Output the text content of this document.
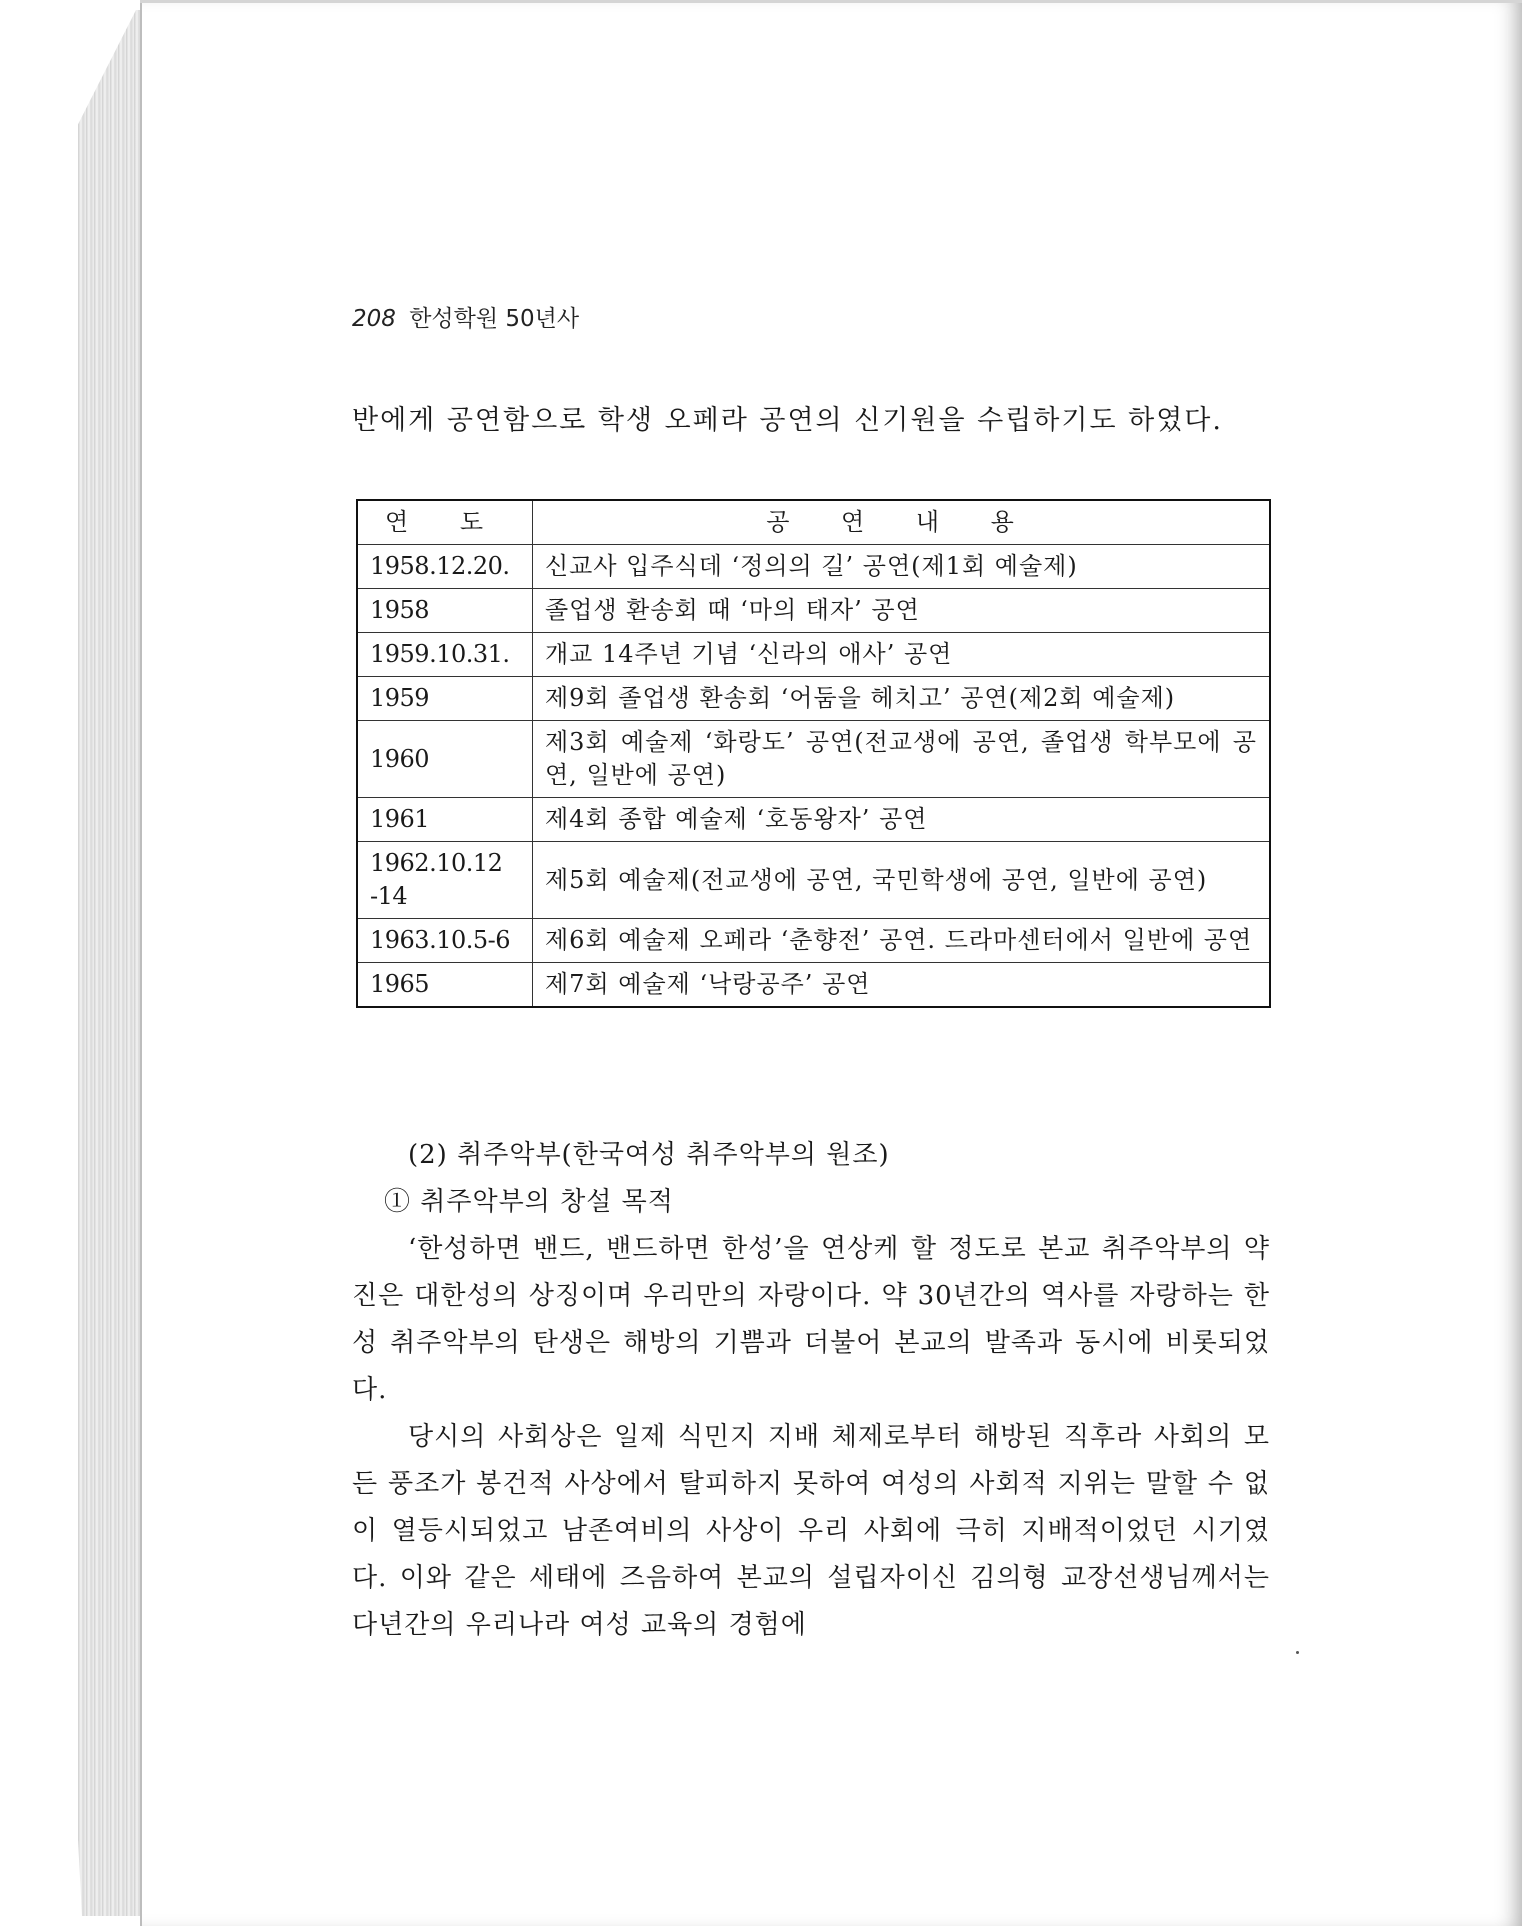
208 한성학원 50년사
반에게 공연함으로 학생 오페라 공연의 신기원을 수립하기도 하였다.
연 도	공 연 내 용
1958.12.20.	신교사 입주식데 ‘정의의 길’ 공연(제1회 예술제)
1958	졸업생 환송회 때 ‘마의 태자’ 공연
1959.10.31.	개교 14주년 기념 ‘신라의 애사’ 공연
1959	제9회 졸업생 환송회 ‘어둠을 헤치고’ 공연(제2회 예술제)
1960	제3회 예술제 ‘화랑도’ 공연(전교생에 공연, 졸업생 학부모에 공연, 일반에 공연)
1961	제4회 종합 예술제 ‘호동왕자’ 공연
1962.10.12 -14	제5회 예술제(전교생에 공연, 국민학생에 공연, 일반에 공연)
1963.10.5-6	제6회 예술제 오페라 ‘춘향전’ 공연. 드라마센터에서 일반에 공연
1965	제7회 예술제 ‘낙랑공주’ 공연

(2) 취주악부(한국여성 취주악부의 원조)

① 취주악부의 창설 목적

‘한성하면 밴드, 밴드하면 한성’을 연상케 할 정도로 본교 취주악부의 약진은 대한성의 상징이며 우리만의 자랑이다. 약 30년간의 역사를 자랑하는 한성 취주악부의 탄생은 해방의 기쁨과 더불어 본교의 발족과 동시에 비롯되었다.

당시의 사회상은 일제 식민지 지배 체제로부터 해방된 직후라 사회의 모든 풍조가 봉건적 사상에서 탈피하지 못하여 여성의 사회적 지위는 말할 수 없이 열등시되었고 남존여비의 사상이 우리 사회에 극히 지배적이었던 시기였다. 이와 같은 세태에 즈음하여 본교의 설립자이신 김의형 교장선생님께서는 다년간의 우리나라 여성 교육의 경험에
